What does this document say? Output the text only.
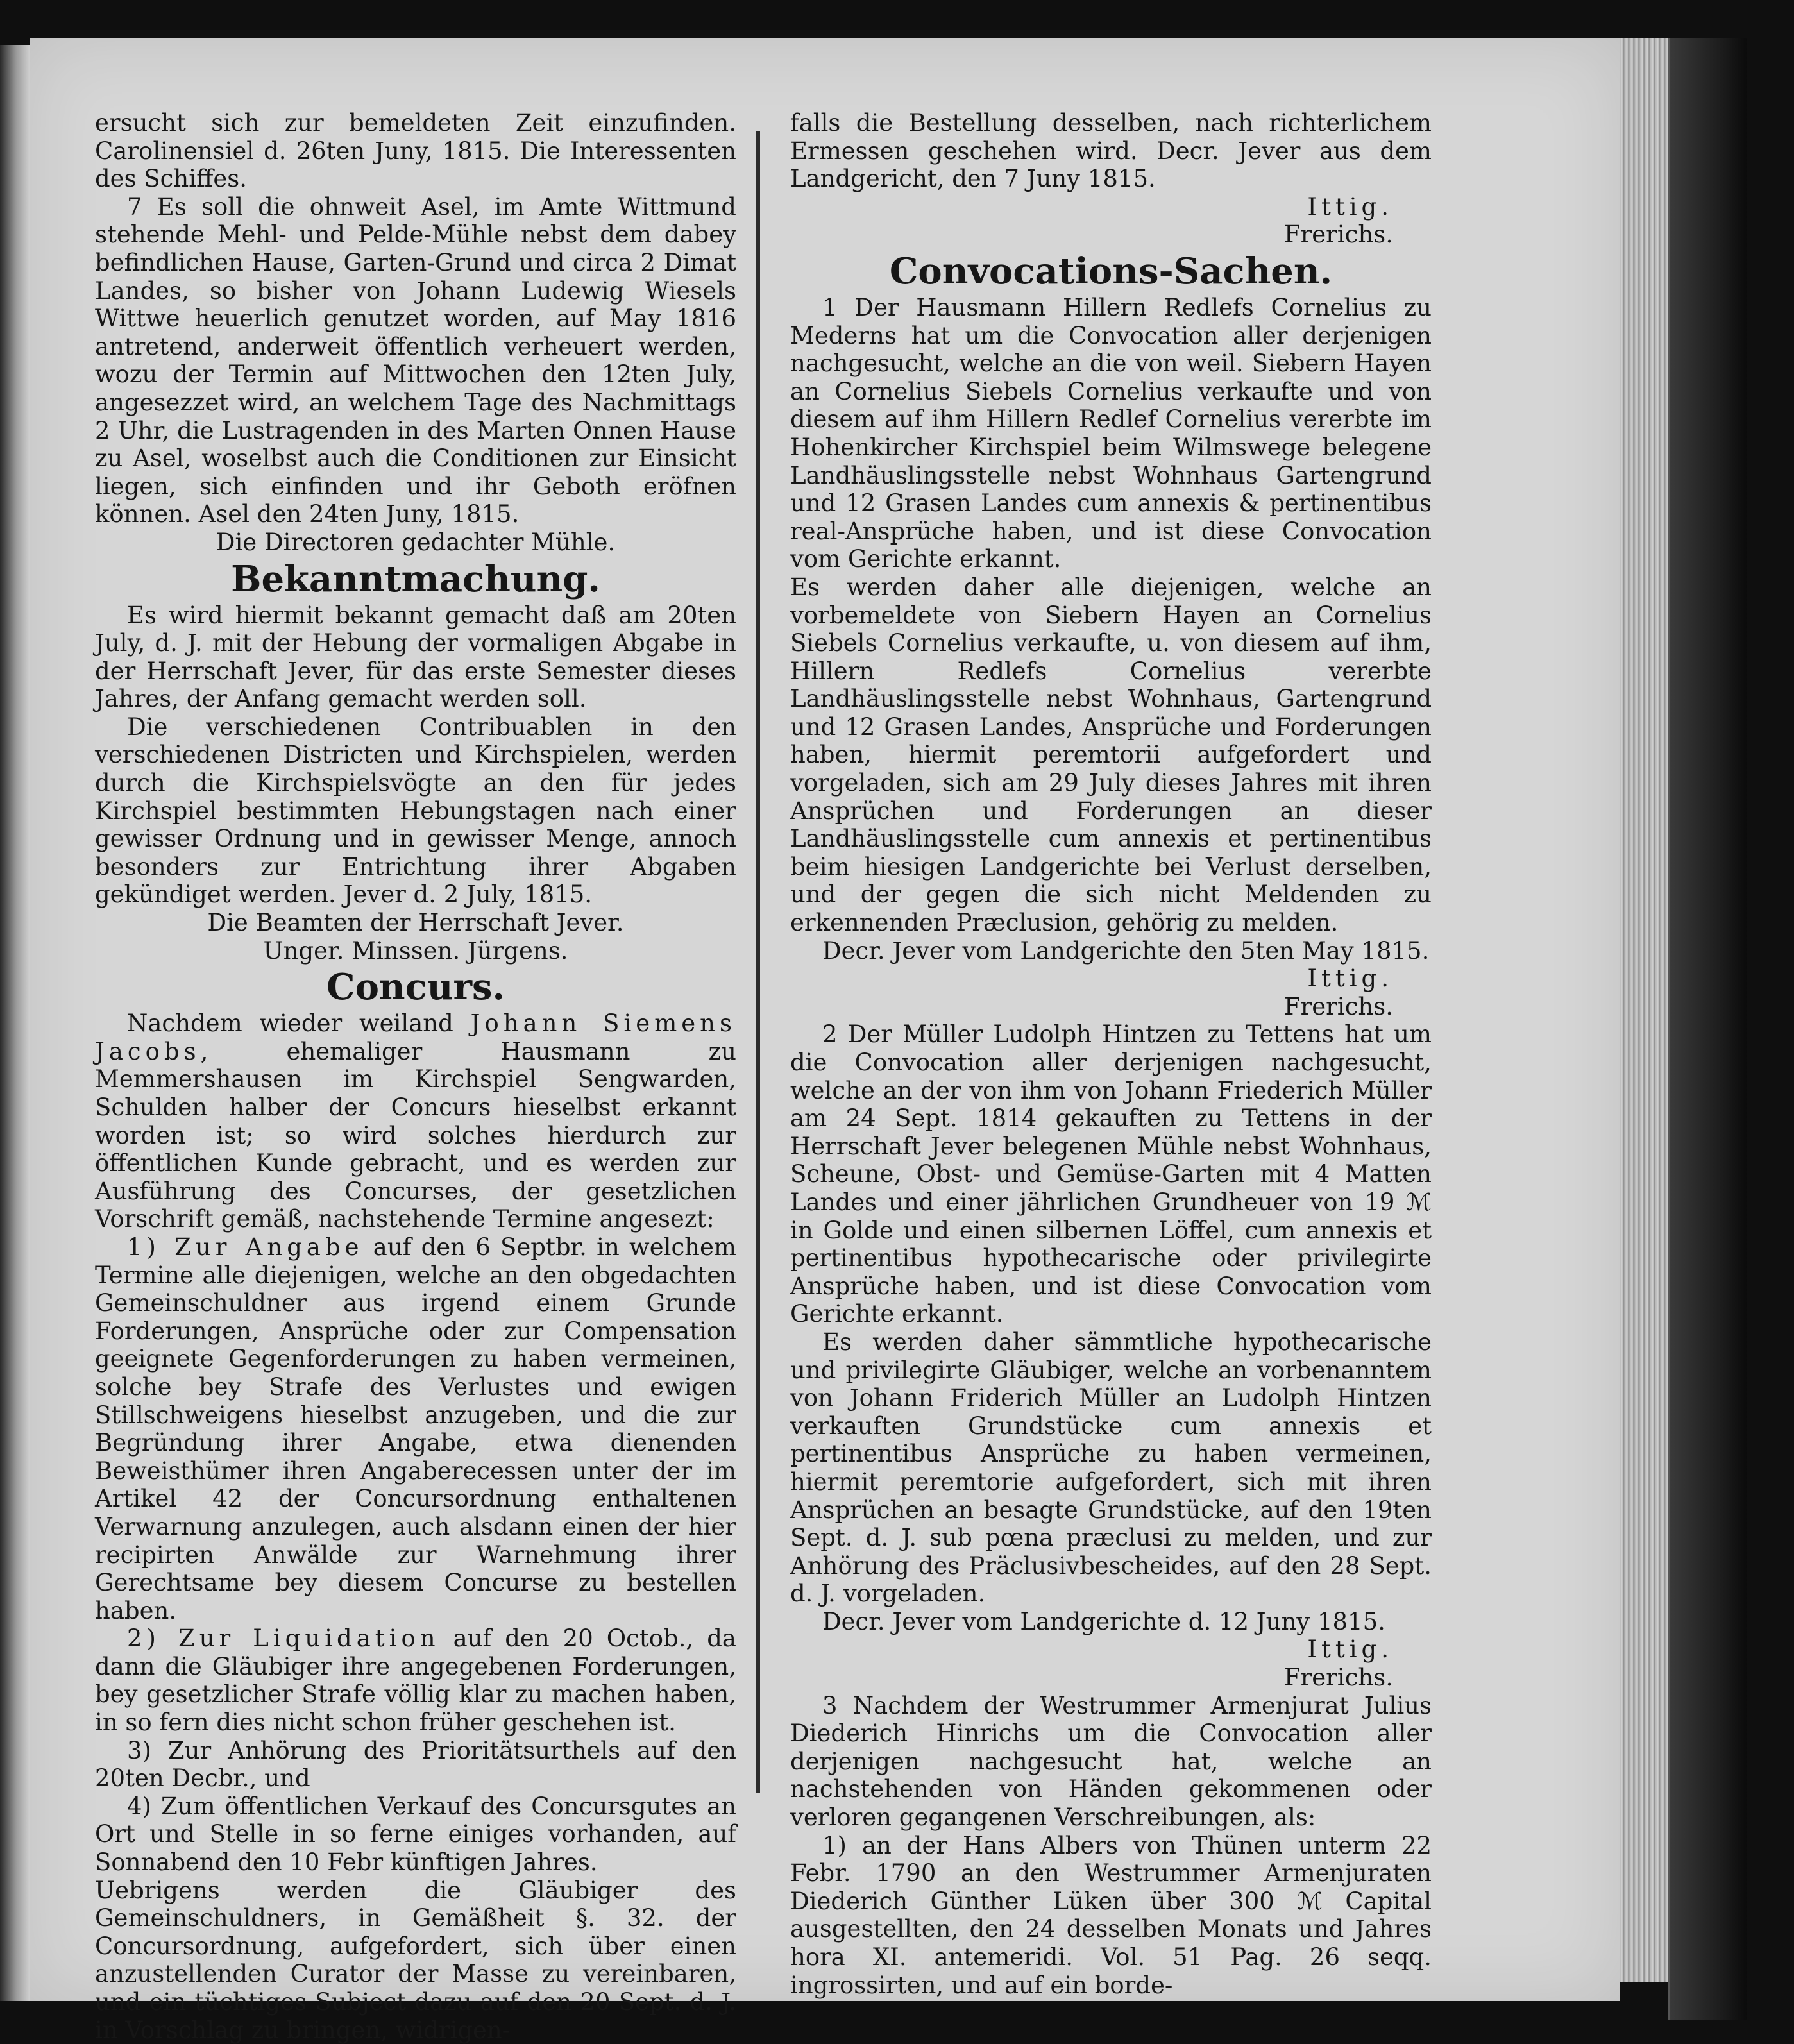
ersucht sich zur bemeldeten Zeit einzufinden. Carolinensiel d. 26ten Juny, 1815. Die Interessenten des Schiffes.

7 Es soll die ohnweit Asel, im Amte Wittmund stehende Mehl- und Pelde-Mühle nebst dem dabey befindlichen Hause, Garten-Grund und circa 2 Dimat Landes, so bisher von Johann Ludewig Wiesels Wittwe heuerlich genutzet worden, auf May 1816 antretend, anderweit öffentlich verheuert werden, wozu der Termin auf Mittwochen den 12ten July, angesezzet wird, an welchem Tage des Nachmittags 2 Uhr, die Lustragenden in des Marten Onnen Hause zu Asel, woselbst auch die Conditionen zur Einsicht liegen, sich einfinden und ihr Geboth eröfnen können. Asel den 24ten Juny, 1815.

Die Directoren gedachter Mühle.

Bekanntmachung.

Es wird hiermit bekannt gemacht daß am 20ten July, d. J. mit der Hebung der vormaligen Abgabe in der Herrschaft Jever, für das erste Semester dieses Jahres, der Anfang gemacht werden soll.

Die verschiedenen Contribuablen in den verschiedenen Districten und Kirchspielen, werden durch die Kirchspielsvögte an den für jedes Kirchspiel bestimmten Hebungstagen nach einer gewisser Ordnung und in gewisser Menge, annoch besonders zur Entrichtung ihrer Abgaben gekündiget werden. Jever d. 2 July, 1815.

Die Beamten der Herrschaft Jever.

Unger. Minssen. Jürgens.

Concurs.

Nachdem wieder weiland Johann Siemens Jacobs, ehemaliger Hausmann zu Memmershausen im Kirchspiel Sengwarden, Schulden halber der Concurs hieselbst erkannt worden ist; so wird solches hierdurch zur öffentlichen Kunde gebracht, und es werden zur Ausführung des Concurses, der gesetzlichen Vorschrift gemäß, nachstehende Termine angesezt:

1) Zur Angabe auf den 6 Septbr. in welchem Termine alle diejenigen, welche an den obgedachten Gemeinschuldner aus irgend einem Grunde Forderungen, Ansprüche oder zur Compensation geeignete Gegenforderungen zu haben vermeinen, solche bey Strafe des Verlustes und ewigen Stillschweigens hieselbst anzugeben, und die zur Begründung ihrer Angabe, etwa dienenden Beweisthümer ihren Angaberecessen unter der im Artikel 42 der Concursordnung enthaltenen Verwarnung anzulegen, auch alsdann einen der hier recipirten Anwälde zur Warnehmung ihrer Gerechtsame bey diesem Concurse zu bestellen haben.

2) Zur Liquidation auf den 20 Octob., da dann die Gläubiger ihre angegebenen Forderungen, bey gesetzlicher Strafe völlig klar zu machen haben, in so fern dies nicht schon früher geschehen ist.

3) Zur Anhörung des Prioritätsurthels auf den 20ten Decbr., und

4) Zum öffentlichen Verkauf des Concursgutes an Ort und Stelle in so ferne einiges vorhanden, auf Sonnabend den 10 Febr künftigen Jahres.

Uebrigens werden die Gläubiger des Gemeinschuldners, in Gemäßheit §. 32. der Concursordnung, aufgefordert, sich über einen anzustellenden Curator der Masse zu vereinbaren, und ein tüchtiges Subject dazu auf den 20 Sept. d. J. in Vorschlag zu bringen, widrigen-

falls die Bestellung desselben, nach richterlichem Ermessen geschehen wird. Decr. Jever aus dem Landgericht, den 7 Juny 1815.

Ittig.

Frerichs.

Convocations-Sachen.

1 Der Hausmann Hillern Redlefs Cornelius zu Mederns hat um die Convocation aller derjenigen nachgesucht, welche an die von weil. Siebern Hayen an Cornelius Siebels Cornelius verkaufte und von diesem auf ihm Hillern Redlef Cornelius vererbte im Hohenkircher Kirchspiel beim Wilmswege belegene Landhäuslingsstelle nebst Wohnhaus Gartengrund und 12 Grasen Landes cum annexis & pertinentibus real-Ansprüche haben, und ist diese Convocation vom Gerichte erkannt.

Es werden daher alle diejenigen, welche an vorbemeldete von Siebern Hayen an Cornelius Siebels Cornelius verkaufte, u. von diesem auf ihm, Hillern Redlefs Cornelius vererbte Landhäuslingsstelle nebst Wohnhaus, Gartengrund und 12 Grasen Landes, Ansprüche und Forderungen haben, hiermit peremtorii aufgefordert und vorgeladen, sich am 29 July dieses Jahres mit ihren Ansprüchen und Forderungen an dieser Landhäuslingsstelle cum annexis et pertinentibus beim hiesigen Landgerichte bei Verlust derselben, und der gegen die sich nicht Meldenden zu erkennenden Præclusion, gehörig zu melden.

Decr. Jever vom Landgerichte den 5ten May 1815.

Ittig.

Frerichs.

2 Der Müller Ludolph Hintzen zu Tettens hat um die Convocation aller derjenigen nachgesucht, welche an der von ihm von Johann Friederich Müller am 24 Sept. 1814 gekauften zu Tettens in der Herrschaft Jever belegenen Mühle nebst Wohnhaus, Scheune, Obst- und Gemüse-Garten mit 4 Matten Landes und einer jährlichen Grundheuer von 19 ℳ in Golde und einen silbernen Löffel, cum annexis et pertinentibus hypothecarische oder privilegirte Ansprüche haben, und ist diese Convocation vom Gerichte erkannt.

Es werden daher sämmtliche hypothecarische und privilegirte Gläubiger, welche an vorbenanntem von Johann Friderich Müller an Ludolph Hintzen verkauften Grundstücke cum annexis et pertinentibus Ansprüche zu haben vermeinen, hiermit peremtorie aufgefordert, sich mit ihren Ansprüchen an besagte Grundstücke, auf den 19ten Sept. d. J. sub pœna præclusi zu melden, und zur Anhörung des Präclusivbescheides, auf den 28 Sept. d. J. vorgeladen.

Decr. Jever vom Landgerichte d. 12 Juny 1815.

Ittig.

Frerichs.

3 Nachdem der Westrummer Armenjurat Julius Diederich Hinrichs um die Convocation aller derjenigen nachgesucht hat, welche an nachstehenden von Händen gekommenen oder verloren gegangenen Verschreibungen, als:

1) an der Hans Albers von Thünen unterm 22 Febr. 1790 an den Westrummer Armenjuraten Diederich Günther Lüken über 300 ℳ Capital ausgestellten, den 24 desselben Monats und Jahres hora XI. antemeridi. Vol. 51 Pag. 26 seqq. ingrossirten, und auf ein borde-
